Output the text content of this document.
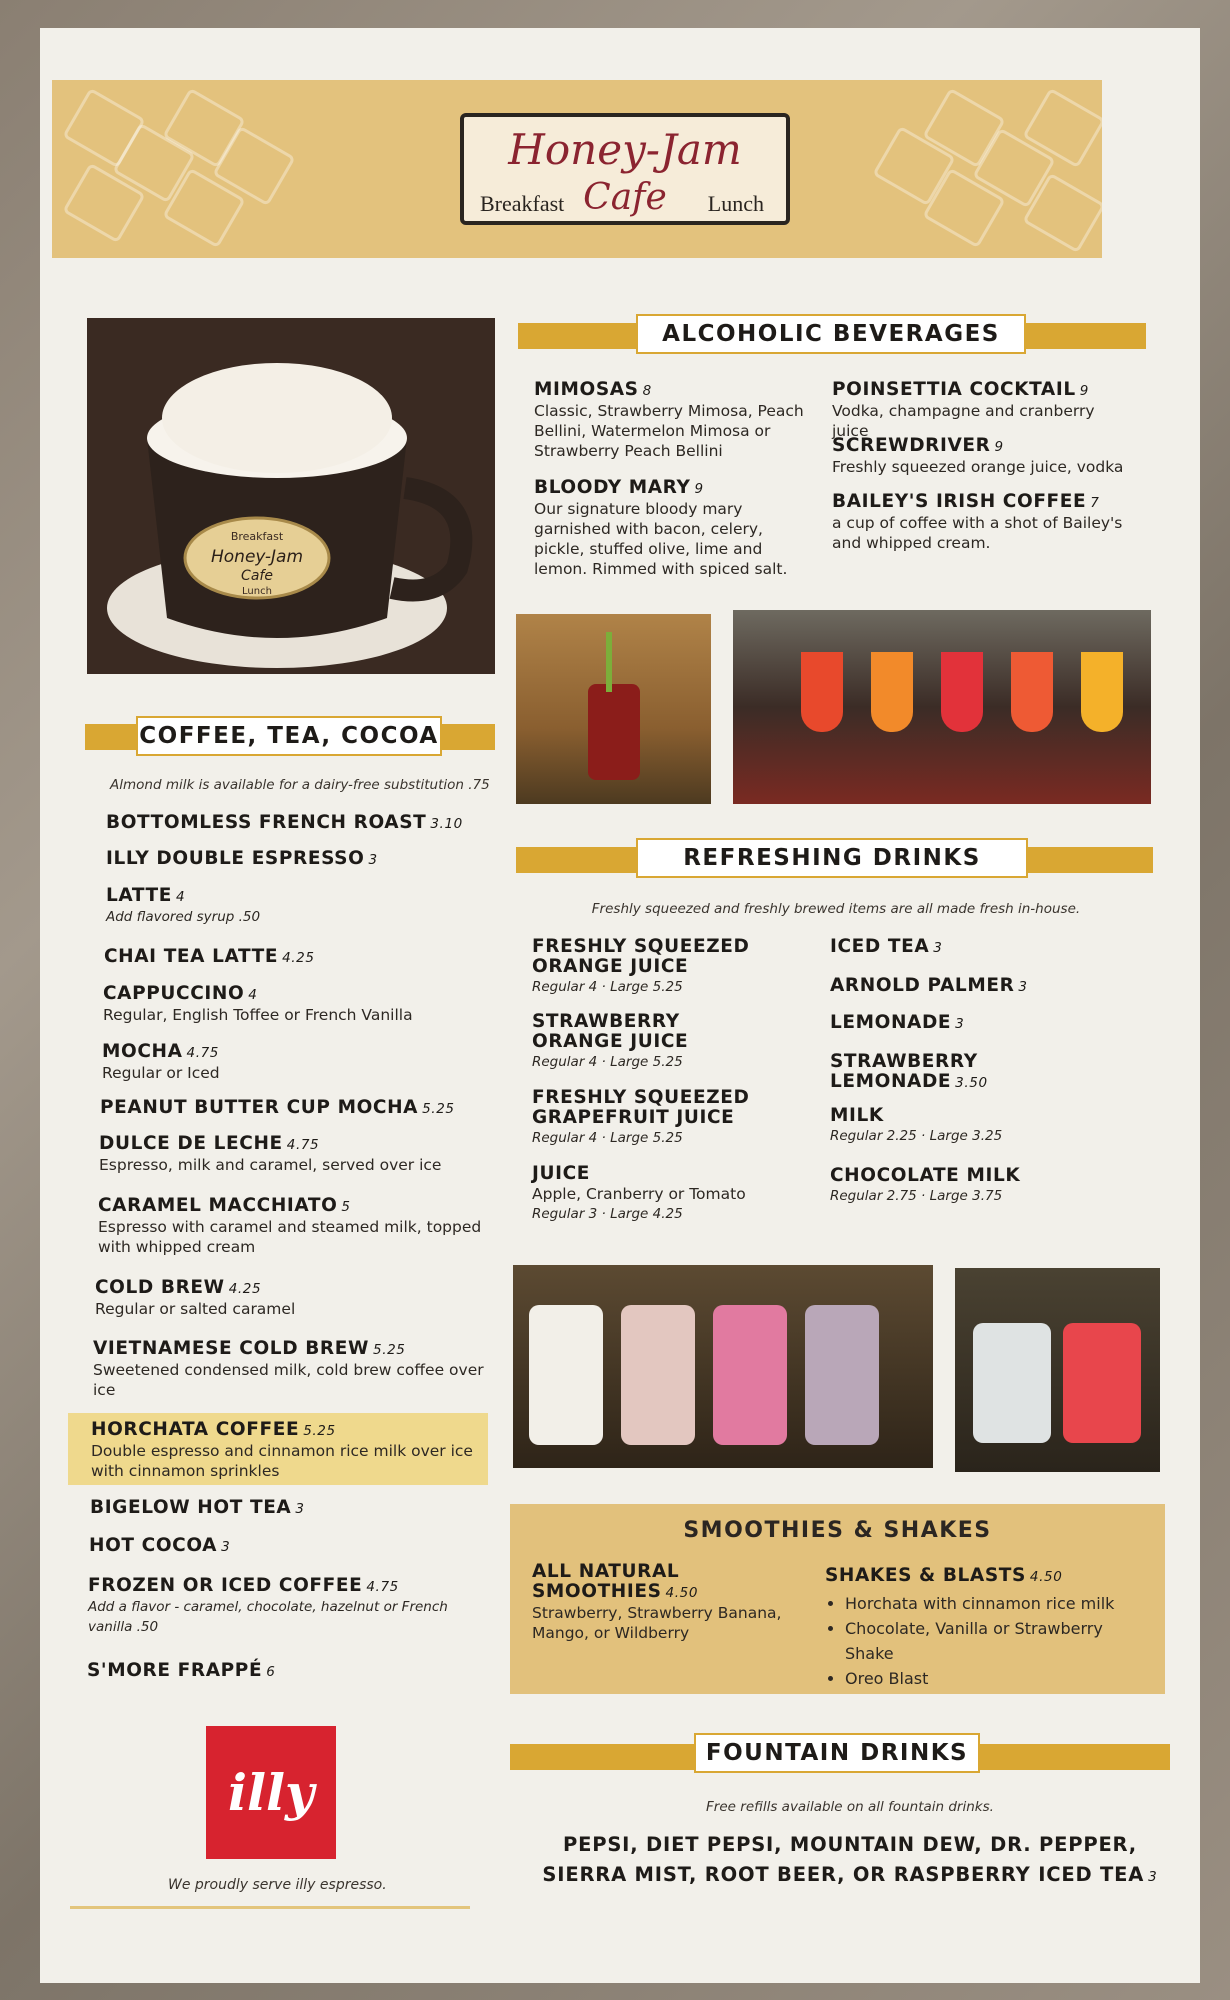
Honey-Jam
Cafe
Breakfast	Lunch
Breakfast
Honey-Jam
Cafe
Lunch
ALCOHOLIC BEVERAGES
REFRESHING DRINKS
Freshly squeezed and freshly brewed items are all made fresh in-house.
SMOOTHIES & SHAKES
ALL NATURAL SMOOTHIES 4.50
Strawberry, Strawberry Banana, Mango, or Wildberry
SHAKES & BLASTS 4.50
• Horchata with cinnamon rice milk
• Chocolate, Vanilla or Strawberry Shake
• Oreo Blast
FOUNTAIN DRINKS
Free refills available on all fountain drinks.
PEPSI, DIET PEPSI, MOUNTAIN DEW, DR. PEPPER,
SIERRA MIST, ROOT BEER, OR RASPBERRY ICED TEA 3
COFFEE, TEA, COCOA
Almond milk is available for a dairy-free substitution .75
illy
We proudly serve illy espresso.
BOTTOMLESS FRENCH ROAST 3.10
ILLY DOUBLE ESPRESSO 3
LATTE 4
Add flavored syrup .50
CHAI TEA LATTE 4.25
CAPPUCCINO 4
Regular, English Toffee or French Vanilla
MOCHA 4.75
Regular or Iced
PEANUT BUTTER CUP MOCHA 5.25
DULCE DE LECHE 4.75
Espresso, milk and caramel, served over ice
CARAMEL MACCHIATO 5
Espresso with caramel and steamed milk, topped with whipped cream
COLD BREW 4.25
Regular or salted caramel
VIETNAMESE COLD BREW 5.25
Sweetened condensed milk, cold brew coffee over ice
HORCHATA COFFEE 5.25
Double espresso and cinnamon rice milk over ice with cinnamon sprinkles
BIGELOW HOT TEA 3
HOT COCOA 3
FROZEN OR ICED COFFEE 4.75
Add a flavor - caramel, chocolate, hazelnut or French vanilla .50
S'MORE FRAPPÉ 6
MIMOSAS 8
Classic, Strawberry Mimosa, Peach Bellini, Watermelon Mimosa or Strawberry Peach Bellini
BLOODY MARY 9
Our signature bloody mary garnished with bacon, celery, pickle, stuffed olive, lime and lemon. Rimmed with spiced salt.
POINSETTIA COCKTAIL 9
Vodka, champagne and cranberry juice
SCREWDRIVER 9
Freshly squeezed orange juice, vodka
BAILEY'S IRISH COFFEE 7
a cup of coffee with a shot of Bailey's and whipped cream.
FRESHLY SQUEEZED ORANGE JUICE
Regular 4 · Large 5.25
STRAWBERRY ORANGE JUICE
Regular 4 · Large 5.25
FRESHLY SQUEEZED GRAPEFRUIT JUICE
Regular 4 · Large 5.25
JUICE
Apple, Cranberry or Tomato
Regular 3 · Large 4.25
ICED TEA 3
ARNOLD PALMER 3
LEMONADE 3
STRAWBERRY LEMONADE 3.50
MILK
Regular 2.25 · Large 3.25
CHOCOLATE MILK
Regular 2.75 · Large 3.75
